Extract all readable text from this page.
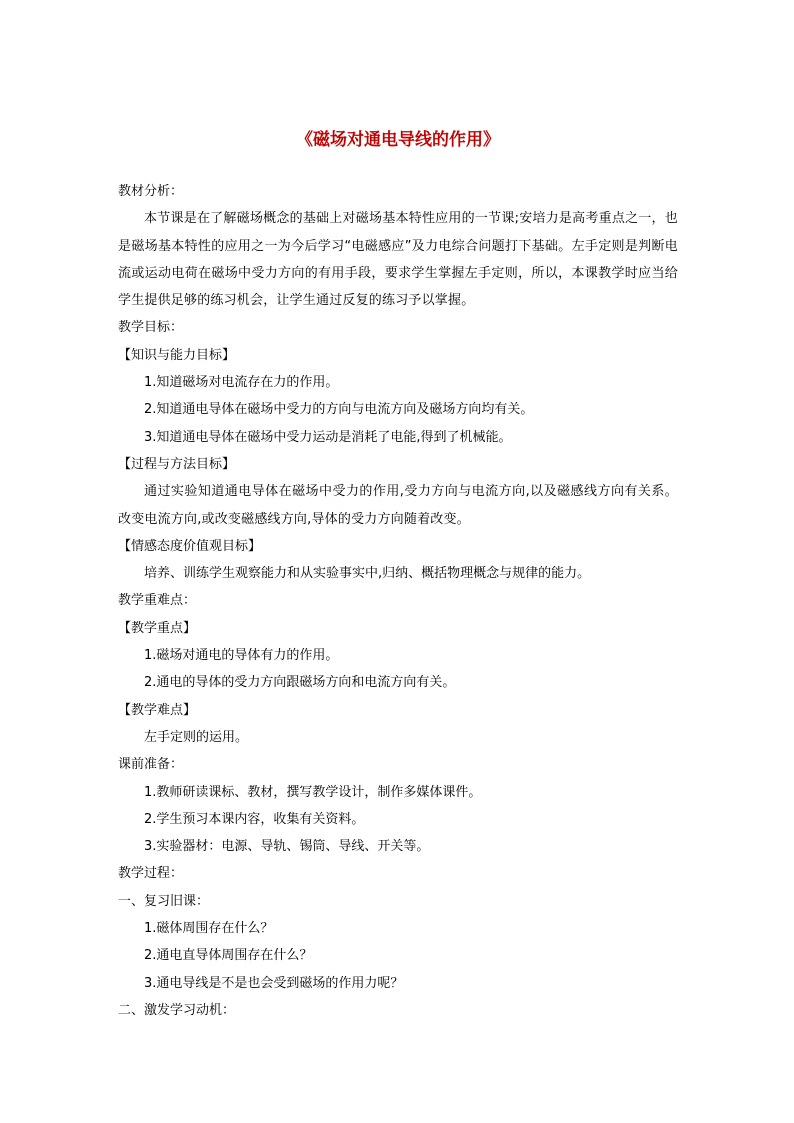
《磁场对通电导线的作用》
教材分析：
本节课是在了解磁场概念的基础上对磁场基本特性应用的一节课;安培力是高考重点之一，也是磁场基本特性的应用之一为今后学习“电磁感应”及力电综合问题打下基础。左手定则是判断电流或运动电荷在磁场中受力方向的有用手段，要求学生掌握左手定则，所以，本课教学时应当给学生提供足够的练习机会，让学生通过反复的练习予以掌握。
教学目标：
【知识与能力目标】
1.知道磁场对电流存在力的作用。
2.知道通电导体在磁场中受力的方向与电流方向及磁场方向均有关。
3.知道通电导体在磁场中受力运动是消耗了电能,得到了机械能。
【过程与方法目标】
通过实验知道通电导体在磁场中受力的作用,受力方向与电流方向,以及磁感线方向有关系。改变电流方向,或改变磁感线方向,导体的受力方向随着改变。
【情感态度价值观目标】
培养、训练学生观察能力和从实验事实中,归纳、概括物理概念与规律的能力。
教学重难点：
【教学重点】
1.磁场对通电的导体有力的作用。
2.通电的导体的受力方向跟磁场方向和电流方向有关。
【教学难点】
左手定则的运用。
课前准备：
1.教师研读课标、教材，撰写教学设计，制作多媒体课件。
2.学生预习本课内容，收集有关资料。
3.实验器材：电源、导轨、锡筒、导线、开关等。
教学过程：
一、复习旧课：
1.磁体周围存在什么？
2.通电直导体周围存在什么？
3.通电导线是不是也会受到磁场的作用力呢？
二、激发学习动机：
